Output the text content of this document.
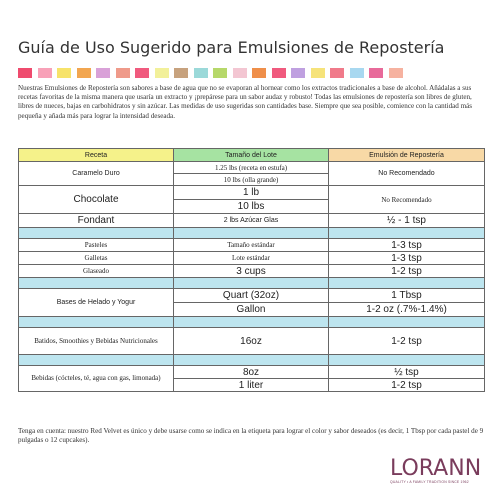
Guía de Uso Sugerido para Emulsiones de Repostería
Nuestras Emulsiones de Repostería son sabores a base de agua que no se evaporan al hornear como los extractos tradicionales a base de alcohol. Añádalas a sus recetas favoritas de la misma manera que usaría un extracto y ¡prepárese para un sabor audaz y robusto! Todas las emulsiones de repostería son libres de gluten, libres de nueces, bajas en carbohidratos y sin azúcar. Las medidas de uso sugeridas son cantidades base. Siempre que sea posible, comience con la cantidad más pequeña y añada más para lograr la intensidad deseada.
Receta	Tamaño del Lote	Emulsión de Repostería
Caramelo Duro	1.25 lbs (receta en estufa)	No Recomendado
	10 lbs (olla grande)	
Chocolate	1 lb	No Recomendado
	10 lbs	
Fondant	2 lbs Azúcar Glas	½ - 1 tsp

Pasteles	Tamaño estándar	1-3 tsp
Galletas	Lote estándar	1-3 tsp
Glaseado	3 cups	1-2 tsp

Bases de Helado y Yogur	Quart (32oz)	1 Tbsp
	Gallon	1-2 oz (.7%-1.4%)

Batidos, Smoothies y Bebidas Nutricionales	16oz	1-2 tsp

Bebidas (cócteles, té, agua con gas, limonada)	8oz	½ tsp
	1 liter	1-2 tsp
Tenga en cuenta: nuestro Red Velvet es único y debe usarse como se indica en la etiqueta para lograr el color y sabor deseados (es decir, 1 Tbsp por cada pastel de 9 pulgadas o 12 cupcakes).
LORANN
QUALITY • A FAMILY TRADITION SINCE 1962
